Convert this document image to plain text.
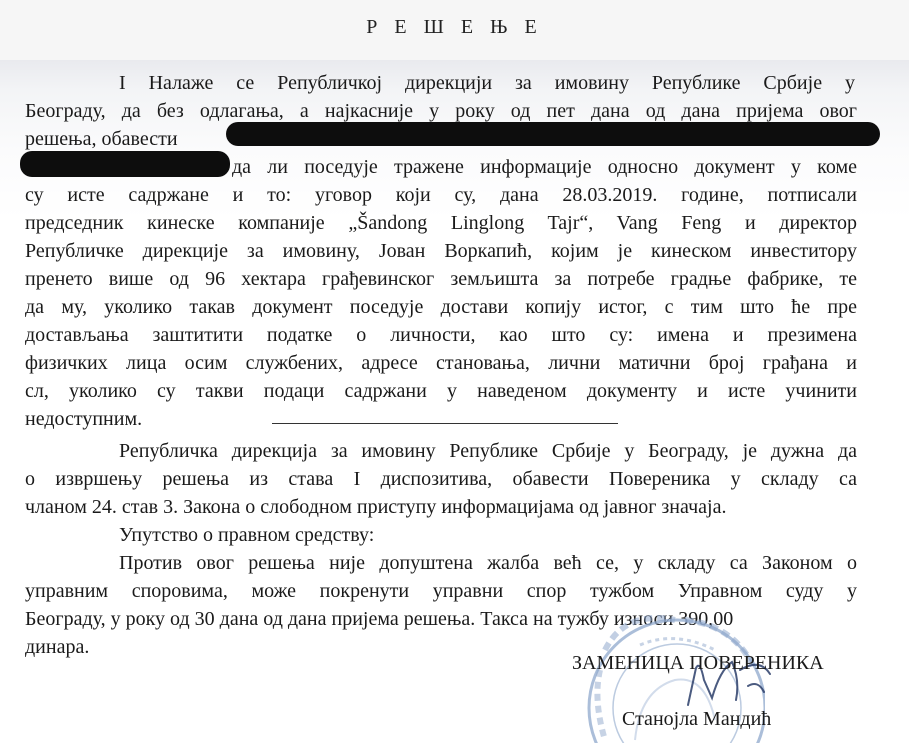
Р Е Ш Е Њ Е
I Налаже се Републичкој дирекцији за имовину Републике Србије у
Београду, да без одлагања, а најкасније у року од пет дана од дана пријема овог
решења, обавести
да ли поседује тражене информације односно документ у коме
су исте садржане и то: уговор који су, дана 28.03.2019. године, потписали
председник кинеске компаније „Šandong Linglong Tajr“, Vang Feng и директор
Републичке дирекције за имовину, Јован Воркапић, којим је кинеском инвеститору
пренето више од 96 хектара грађевинског земљишта за потребе градње фабрике, те
да му, уколико такав документ поседује достави копију истог, с тим што ће пре
достављања заштитити податке о личности, као што су: имена и презимена
физичких лица осим службених, адресе становања, лични матични број грађана и
сл, уколико су такви подаци садржани у наведеном документу и исте учинити
недоступним.
Републичка дирекција за имовину Републике Србије у Београду, је дужна да
о извршењу решења из става I диспозитива, обавести Повереника у складу са
чланом 24. став 3. Закона о слободном приступу информацијама од јавног значаја.
Упутство о правном средству:
Против овог решења није допуштена жалба већ се, у складу са Законом о
управним споровима, може покренути управни спор тужбом Управном суду у
Београду, у року од 30 дана од дана пријема решења. Такса на тужбу износи 390,00
динара.
ЗАМЕНИЦА ПОВЕРЕНИКА
Станојла Мандић
